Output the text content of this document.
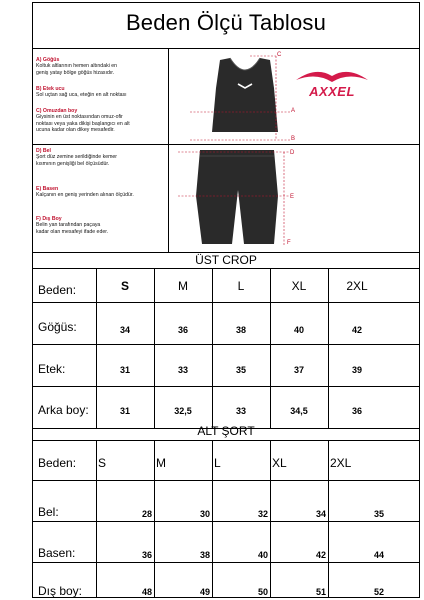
Beden Ölçü Tablosu
A) Göğüs
Koltuk altlarının hemen altındaki en
geniş yatay bölge göğüs hizasıdır.
B) Etek ucu
Sol uçtan sağ uca, eteğin en alt noktası
C) Omuzdan boy
Giysinin en üst noktasından omuz-ofir
noktası veya yaka dikişi başlangıcı en alt
ucuna kadar olan dikey mesafedir.
D) Bel
Şort düz zemine serildiğinde kemer
kısmının genişliği bel ölçüsüdür.
E) Basen
Kalçanın en geniş yerinden alınan ölçüdür.
F) Dış Boy
Belin yan tarafından paçaya
kadar olan mesafeyi ifade eder.
C
A
B
AXXEL
D
E
F
ÜST CROP
Beden:	S	M	L	XL	2XL
Göğüs:	34	36	38	40	42
Etek:	31	33	35	37	39
Arka boy:	31	32,5	33	34,5	36
ALT ŞORT
Beden: S	M	L	XL	2XL
Bel:	28	30	32	34	35
Basen:	36	38	40	42	44
Dış boy:	48	49	50	51	52
